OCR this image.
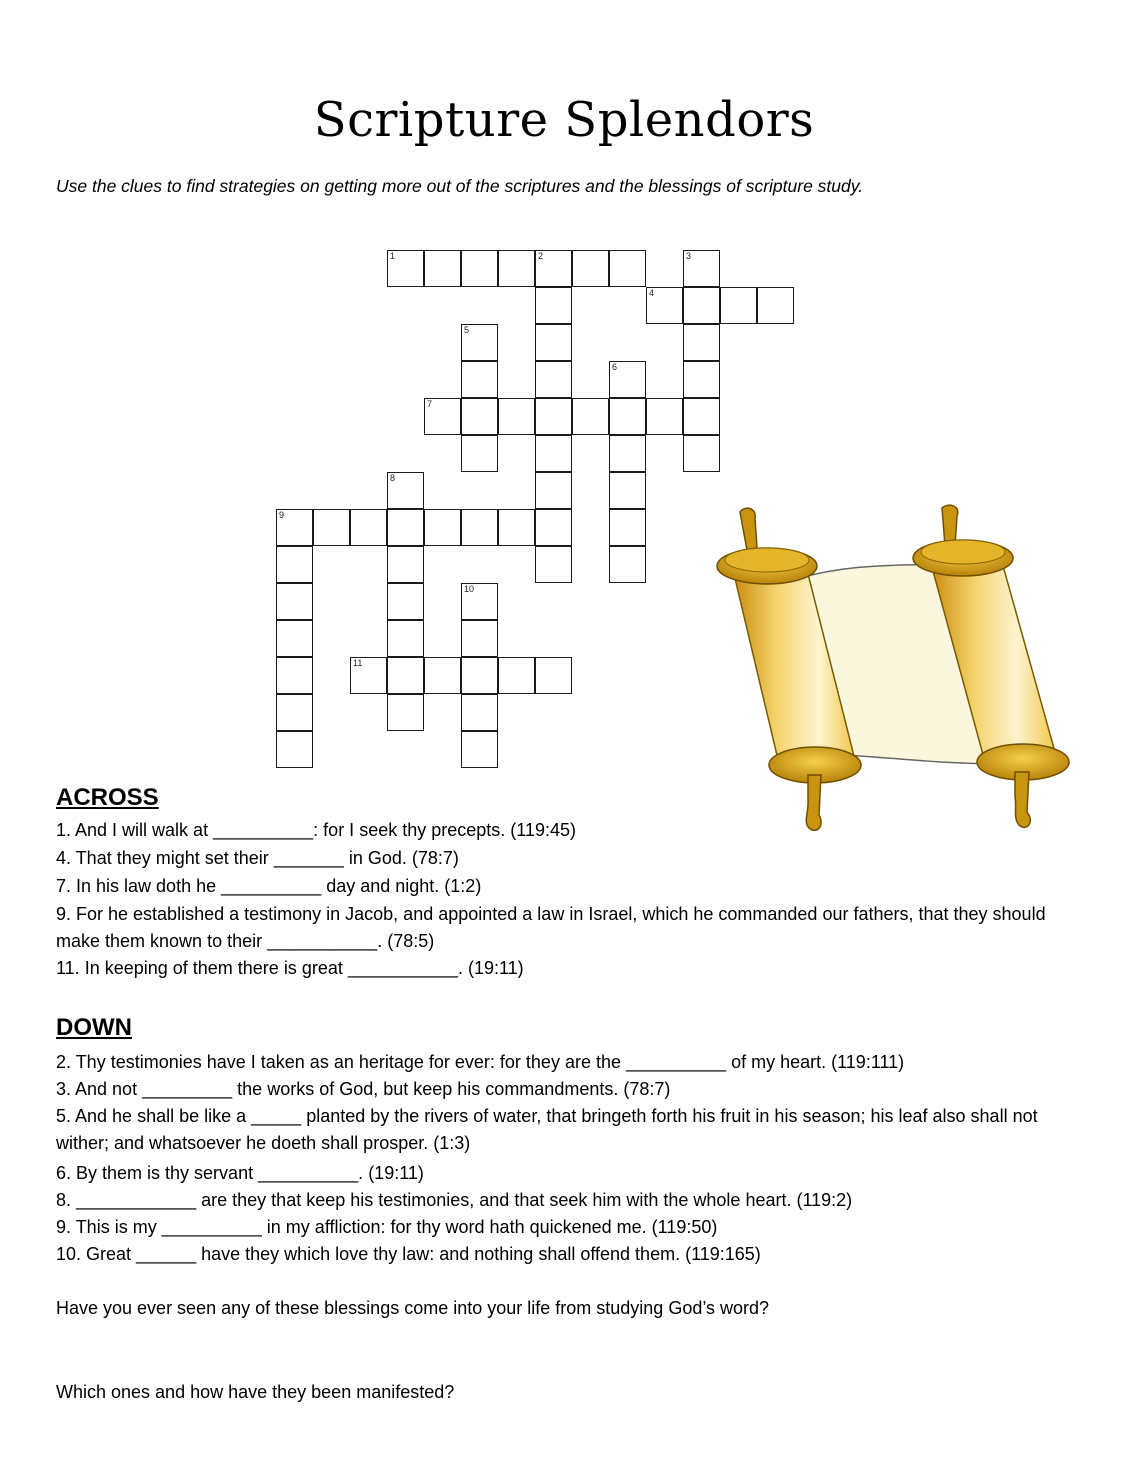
Scripture Splendors
Use the clues to find strategies on getting more out of the scriptures and the blessings of scripture study.
1	2	3
4
5
6
7
8
9
10
11
ACROSS
1. And I will walk at __________: for I seek thy precepts. (119:45)
4. That they might set their _______ in God. (78:7)
7. In his law doth he __________ day and night. (1:2)
9. For he established a testimony in Jacob, and appointed a law in Israel, which he commanded our fathers, that they should make them known to their ___________. (78:5)
11. In keeping of them there is great ___________. (19:11)
DOWN
2. Thy testimonies have I taken as an heritage for ever: for they are the __________ of my heart. (119:111)
3. And not _________ the works of God, but keep his commandments. (78:7)
5. And he shall be like a _____ planted by the rivers of water, that bringeth forth his fruit in his season; his leaf also shall not wither; and whatsoever he doeth shall prosper. (1:3)
6. By them is thy servant __________. (19:11)
8. ____________ are they that keep his testimonies, and that seek him with the whole heart. (119:2)
9. This is my __________ in my affliction: for thy word hath quickened me. (119:50)
10. Great ______ have they which love thy law: and nothing shall offend them. (119:165)
Have you ever seen any of these blessings come into your life from studying God’s word?
Which ones and how have they been manifested?
